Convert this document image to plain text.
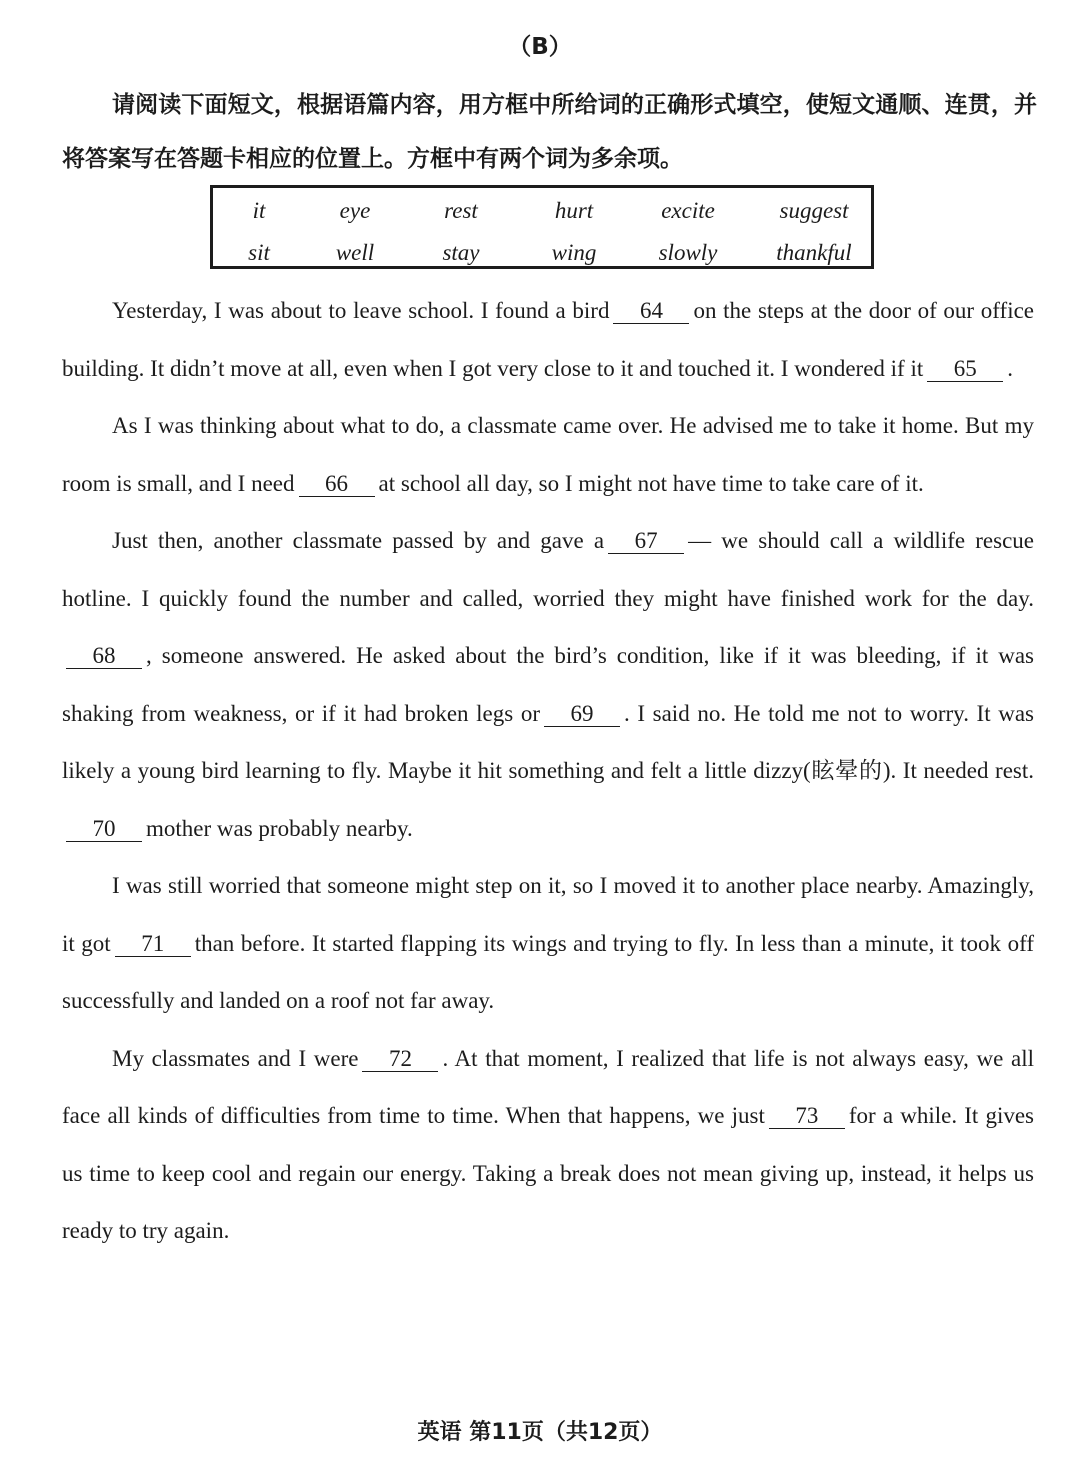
（B）
请阅读下面短文，根据语篇内容，用方框中所给词的正确形式填空，使短文通顺、连贯，并将答案写在答题卡相应的位置上。方框中有两个词为多余项。
it	eye	rest	hurt	excite	suggest
sit	well	stay	wing	slowly	thankful

Yesterday, I was about to leave school. I found a bird 64 on the steps at the door of our office building. It didn’t move at all, even when I got very close to it and touched it. I wondered if it 65 .

As I was thinking about what to do, a classmate came over. He advised me to take it home. But my room is small, and I need 66 at school all day, so I might not have time to take care of it.

Just then, another classmate passed by and gave a 67 — we should call a wildlife rescue hotline. I quickly found the number and called, worried they might have finished work for the day. 68 , someone answered. He asked about the bird’s condition, like if it was bleeding, if it was shaking from weakness, or if it had broken legs or 69 . I said no. He told me not to worry. It was likely a young bird learning to fly. Maybe it hit something and felt a little dizzy(眩晕的). It needed rest. 70 mother was probably nearby.

I was still worried that someone might step on it, so I moved it to another place nearby. Amazingly, it got 71 than before. It started flapping its wings and trying to fly. In less than a minute, it took off successfully and landed on a roof not far away.

My classmates and I were 72 . At that moment, I realized that life is not always easy, we all face all kinds of difficulties from time to time. When that happens, we just 73 for a while. It gives us time to keep cool and regain our energy. Taking a break does not mean giving up, instead, it helps us ready to try again.

英语 第11页（共12页）
